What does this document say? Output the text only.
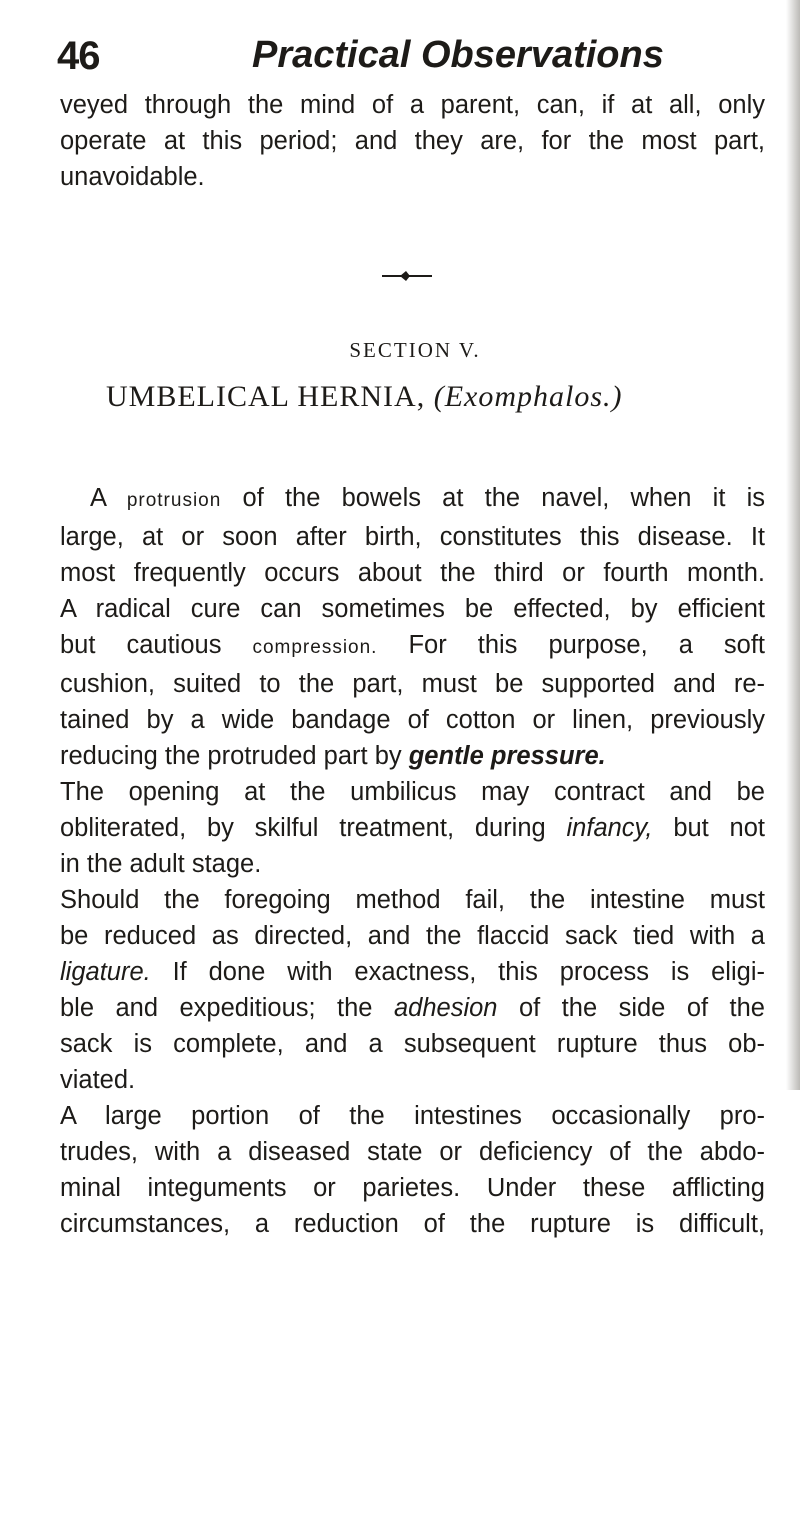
46	Practical Observations

veyed through the mind of a parent, can, if at all, only

operate at this period; and they are, for the most part,

unavoidable.

SECTION V.
UMBELICAL HERNIA, (Exomphalos.)

A protrusion of the bowels at the navel, when it is

large, at or soon after birth, constitutes this disease. It

most frequently occurs about the third or fourth month.

A radical cure can sometimes be effected, by efficient

but cautious compression. For this purpose, a soft

cushion, suited to the part, must be supported and re-

tained by a wide bandage of cotton or linen, previously

reducing the protruded part by gentle pressure.

The opening at the umbilicus may contract and be

obliterated, by skilful treatment, during infancy, but not

in the adult stage.

Should the foregoing method fail, the intestine must

be reduced as directed, and the flaccid sack tied with a

ligature. If done with exactness, this process is eligi-

ble and expeditious; the adhesion of the side of the

sack is complete, and a subsequent rupture thus ob-

viated.

A large portion of the intestines occasionally pro-

trudes, with a diseased state or deficiency of the abdo-

minal integuments or parietes. Under these afflicting

circumstances, a reduction of the rupture is difficult,
